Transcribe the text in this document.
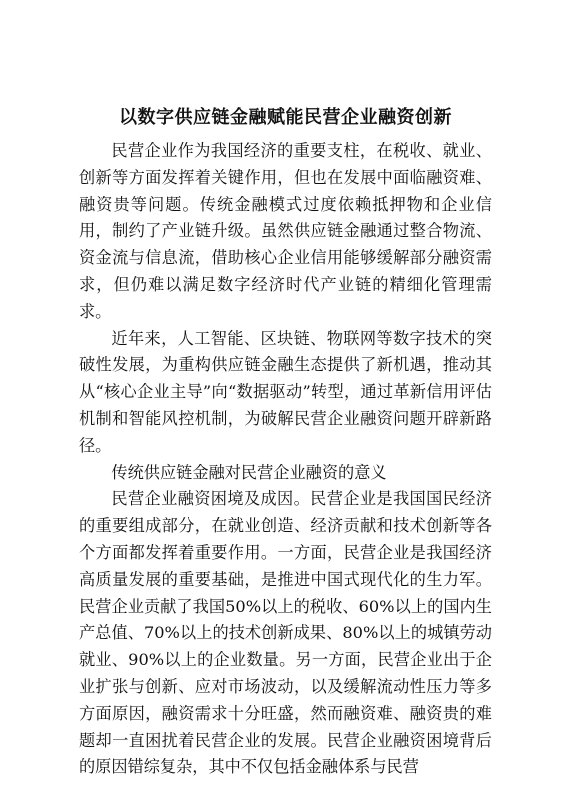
以数字供应链金融赋能民营企业融资创新

民营企业作为我国经济的重要支柱，在税收、就业、创新等方面发挥着关键作用，但也在发展中面临融资难、融资贵等问题。传统金融模式过度依赖抵押物和企业信用，制约了产业链升级。虽然供应链金融通过整合物流、资金流与信息流，借助核心企业信用能够缓解部分融资需求，但仍难以满足数字经济时代产业链的精细化管理需求。

近年来，人工智能、区块链、物联网等数字技术的突破性发展，为重构供应链金融生态提供了新机遇，推动其从“核心企业主导”向“数据驱动”转型，通过革新信用评估机制和智能风控机制，为破解民营企业融资问题开辟新路径。

传统供应链金融对民营企业融资的意义

民营企业融资困境及成因。民营企业是我国国民经济的重要组成部分，在就业创造、经济贡献和技术创新等各个方面都发挥着重要作用。一方面，民营企业是我国经济高质量发展的重要基础，是推进中国式现代化的生力军。民营企业贡献了我国50%以上的税收、60%以上的国内生产总值、70%以上的技术创新成果、80%以上的城镇劳动就业、90%以上的企业数量。另一方面，民营企业出于企业扩张与创新、应对市场波动，以及缓解流动性压力等多方面原因，融资需求十分旺盛，然而融资难、融资贵的难题却一直困扰着民营企业的发展。民营企业融资困境背后的原因错综复杂，其中不仅包括金融体系与民营
